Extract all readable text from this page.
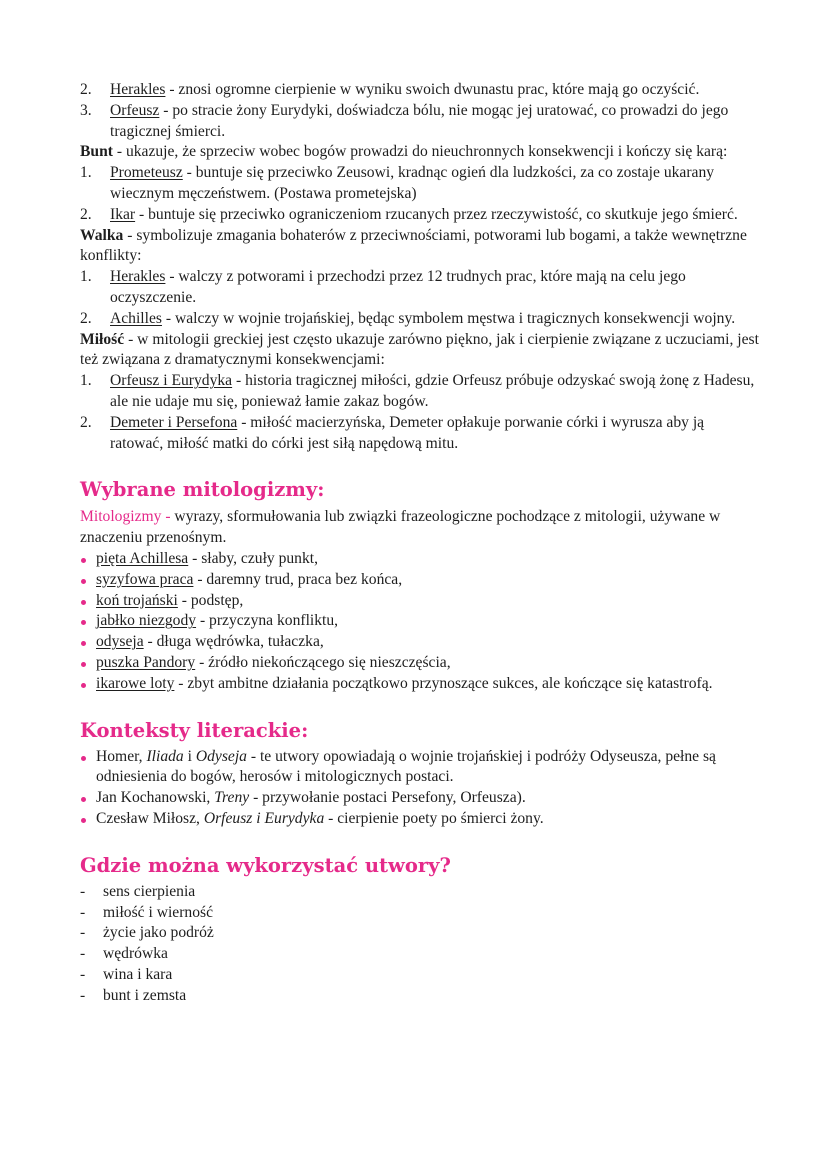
2. Herakles - znosi ogromne cierpienie w wyniku swoich dwunastu prac, które mają go oczyścić.
3. Orfeusz - po stracie żony Eurydyki, doświadcza bólu, nie mogąc jej uratować, co prowadzi do jego tragicznej śmierci.

Bunt - ukazuje, że sprzeciw wobec bogów prowadzi do nieuchronnych konsekwencji i kończy się karą:

1. Prometeusz - buntuje się przeciwko Zeusowi, kradnąc ogień dla ludzkości, za co zostaje ukarany wiecznym męczeństwem. (Postawa prometejska)
2. Ikar - buntuje się przeciwko ograniczeniom rzucanych przez rzeczywistość, co skutkuje jego śmierć.

Walka - symbolizuje zmagania bohaterów z przeciwnościami, potworami lub bogami, a także wewnętrzne konflikty:

1. Herakles - walczy z potworami i przechodzi przez 12 trudnych prac, które mają na celu jego oczyszczenie.
2. Achilles - walczy w wojnie trojańskiej, będąc symbolem męstwa i tragicznych konsekwencji wojny.

Miłość - w mitologii greckiej jest często ukazuje zarówno piękno, jak i cierpienie związane z uczuciami, jest też związana z dramatycznymi konsekwencjami:

1. Orfeusz i Eurydyka - historia tragicznej miłości, gdzie Orfeusz próbuje odzyskać swoją żonę z Hadesu, ale nie udaje mu się, ponieważ łamie zakaz bogów.
2. Demeter i Persefona - miłość macierzyńska, Demeter opłakuje porwanie córki i wyrusza aby ją ratować, miłość matki do córki jest siłą napędową mitu.
Wybrane mitologizmy:

Mitologizmy - wyrazy, sformułowania lub związki frazeologiczne pochodzące z mitologii, używane w znaczeniu przenośnym.

pięta Achillesa - słaby, czuły punkt,
syzyfowa praca - daremny trud, praca bez końca,
koń trojański - podstęp,
jabłko niezgody - przyczyna konfliktu,
odyseja - długa wędrówka, tułaczka,
puszka Pandory - źródło niekończącego się nieszczęścia,
ikarowe loty - zbyt ambitne działania początkowo przynoszące sukces, ale kończące się katastrofą.
Konteksty literackie:
Homer, Iliada i Odyseja - te utwory opowiadają o wojnie trojańskiej i podróży Odyseusza, pełne są odniesienia do bogów, herosów i mitologicznych postaci.
Jan Kochanowski, Treny - przywołanie postaci Persefony, Orfeusza).
Czesław Miłosz, Orfeusz i Eurydyka - cierpienie poety po śmierci żony.
Gdzie można wykorzystać utwory?
- sens cierpienia
- miłość i wierność
- życie jako podróż
- wędrówka
- wina i kara
- bunt i zemsta
